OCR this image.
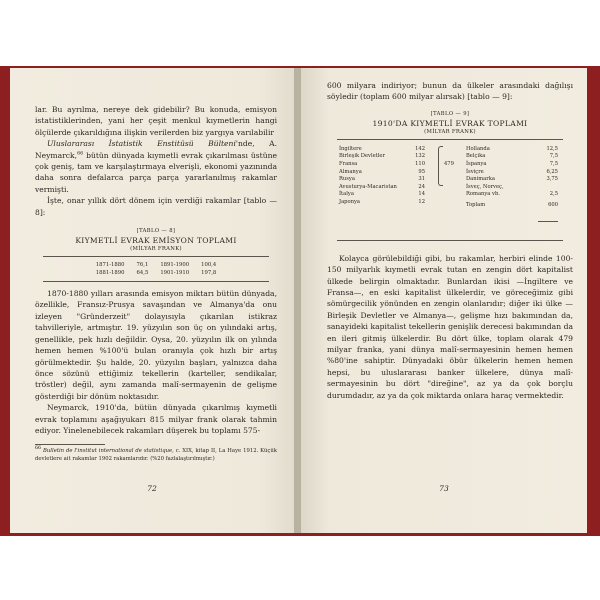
lar. Bu ayrılma, nereye dek gidebilir? Bu konuda, emisyon istatistiklerinden, yani her çeşit menkul kıymetlerin hangi ölçülerde çıkarıldığına ilişkin verilerden biz yargıya varılabilir

Uluslararası İstatistik Enstitüsü Bülteni'nde, A. Neymarck,$^{66}$ bütün dünyada kıymetli evrak çıkarılması üstüne çok geniş, tam ve karşılaştırmaya elverişli, ekonomi yazınında daha sonra defalarca parça parça yararlanılmış rakamlar vermişti.

İşte, onar yıllık dört dönem için verdiği rakamlar [tablo — 8]:

[TABLO — 8]

KIYMETLİ EVRAK EMİSYON TOPLAMI

(MİLYAR FRANK)

1871-1880	76,1	1891-1900	100,4
1881-1890	64,5	1901-1910	197,8

1870-1880 yılları arasında emisyon miktarı bütün dünyada, özellikle, Fransız-Prusya savaşından ve Almanya'da onu izleyen "Gründerzeit" dolayısıyla çıkarılan istikraz tahvilleriyle, artmıştır. 19. yüzyılın son üç on yılındaki artış, genellikle, pek hızlı değildir. Oysa, 20. yüzyılın ilk on yılında hemen hemen %100'ü bulan oranıyla çok hızlı bir artış görülmektedir. Şu halde, 20. yüzyılın başları, yalnızca daha önce sözünü ettiğimiz tekellerin (karteller, sendikalar, tröstler) değil, aynı zamanda malî-sermayenin de gelişme gösterdiği bir dönüm noktasıdır.

Neymarck, 1910'da, bütün dünyada çıkarılmış kıymetli evrak toplamını aşağıyukarı 815 milyar frank olarak tahmin ediyor. Yinelenebilecek rakamları düşerek bu toplamı 575-

66 Bulletin de l'institut international de statistique, c. XIX, kitap II, La Haye 1912. Küçük devletlere ait rakamlar 1902 rakamlarıdır. (%20 fazlalaştırılmıştır.)

72

600 milyara indiriyor; bunun da ülkeler arasındaki dağılışı söyledir (toplam 600 milyar alırsak) [tablo — 9]:

[TABLO — 9]

1910'DA KIYMETLİ EVRAK TOPLAMI

(MİLYAR FRANK)

İngiltere	142
Birleşik Devletler	132
Fransa	110
Almanya	95
Rusya	31
Avusturya-Macaristan	24
İtalya	14
Japonya	12
479
Hollanda	12,5
Belçika	7,5
İspanya	7,5
İsviçre	6,25
Danimarka	3,75
İsveç, Norveç,
Romanya vb.	2,5
Toplam	600

Kolayca görülebildiği gibi, bu rakamlar, herbiri elinde 100-150 milyarlık kıymetli evrak tutan en zengin dört kapitalist ülkede belirgin olmaktadır. Bunlardan ikisi —İngiltere ve Fransa—, en eski kapitalist ülkelerdir, ve göreceğimiz gibi sömürgecilik yönünden en zengin olanlarıdır; diğer iki ülke —Birleşik Devletler ve Almanya—, gelişme hızı bakımından da, sanayideki kapitalist tekellerin genişlik derecesi bakımından da en ileri gitmiş ülkelerdir. Bu dört ülke, toplam olarak 479 milyar franka, yani dünya malî-sermayesinin hemen hemen %80'ine sahiptir. Dünyadaki öbür ülkelerin hemen hemen hepsi, bu uluslararası banker ülkelere, dünya malî-sermayesinin bu dört "direğine", az ya da çok borçlu durumdadır, az ya da çok miktarda onlara haraç vermektedir.

73
